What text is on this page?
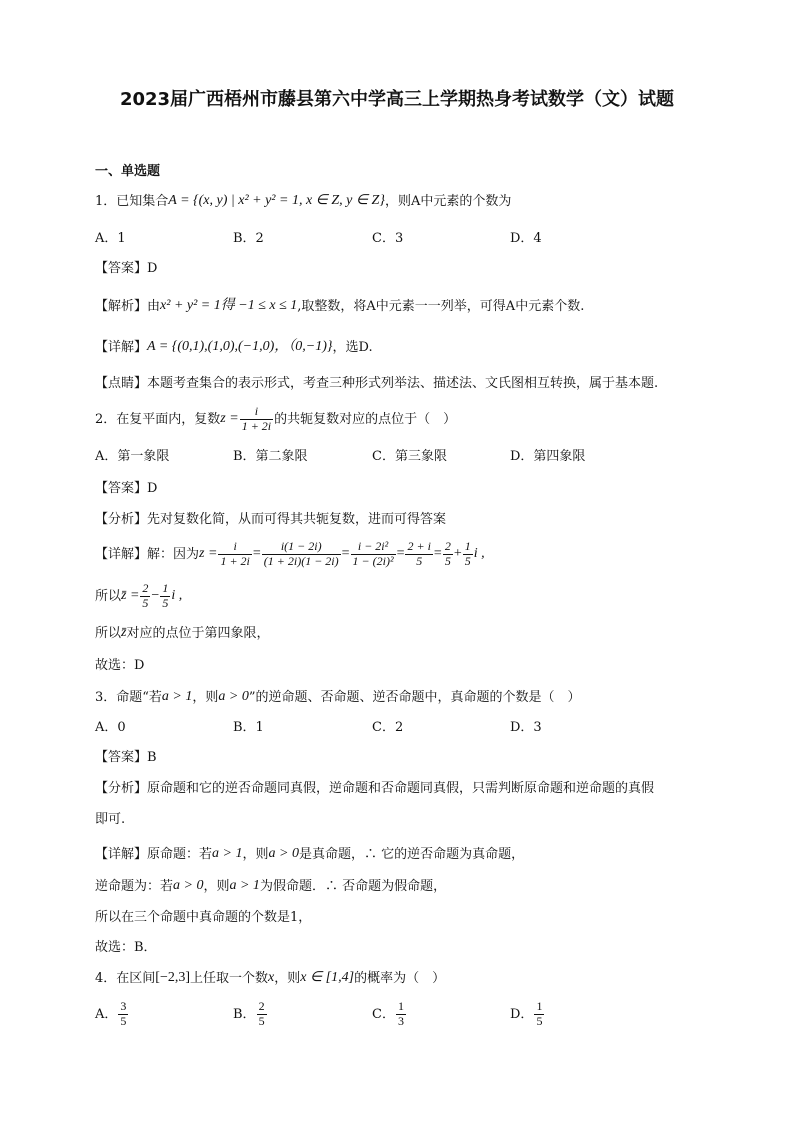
2023届广西梧州市藤县第六中学高三上学期热身考试数学（文）试题
一、单选题
1．已知集合 A = {(x, y) | x² + y² = 1, x ∈ Z, y ∈ Z} ，则A中元素的个数为
A．1	B．2	C．3	D．4
【答案】D
【解析】 由 x² + y² = 1得 −1 ≤ x ≤ 1 ,取整数，将A中元素一一列举，可得A中元素个数.
【详解】 A = {(0,1),(1,0),(−1,0)，（0,−1)} ，选D.
【点睛】本题考查集合的表示形式，考查三种形式列举法、描述法、文氏图相互转换，属于基本题.
2．在复平面内，复数 $z = \frac{i}{1 + 2i}$ 的共轭复数对应的点位于（　）
A．第一象限	B．第二象限	C．第三象限	D．第四象限
【答案】D
【分析】先对复数化简，从而可得其共轭复数，进而可得答案
【详解】 解：因为 $z = \frac{i}{1 + 2i} = \frac{i(1 - 2i)}{(1 + 2i)(1 - 2i)} = \frac{\text{i − 2i²}}{\text{1 − (2i)²}} = \frac{2 + i}{5} = \frac{2}{5} + \frac{1}{5}$ i ,
所以 z̄ = $\frac{2}{5} - \frac{1}{5}$ i ,
所以 z̄ 对应的点位于第四象限，
故选：D
3．命题“若 a > 1 ，则 a > 0 ”的逆命题、否命题、逆否命题中，真命题的个数是（　）
A．0	B．1	C．2	D．3
【答案】B
【分析】原命题和它的逆否命题同真假，逆命题和否命题同真假，只需判断原命题和逆命题的真假
即可.
【详解】 原命题：若 a > 1 ，则 a > 0 是真命题，∴ 它的逆否命题为真命题，
逆命题为：若 a > 0 ，则 a > 1 为假命题．∴ 否命题为假命题，
所以在三个命题中真命题的个数是1，
故选：B．
4．在区间 [−2,3] 上任取一个数 x ，则 x ∈ [1,4] 的概率为（　）
A． $\frac{3}{5}$	B． $\frac{2}{5}$	C． $\frac{1}{3}$	D． $\frac{1}{5}$
